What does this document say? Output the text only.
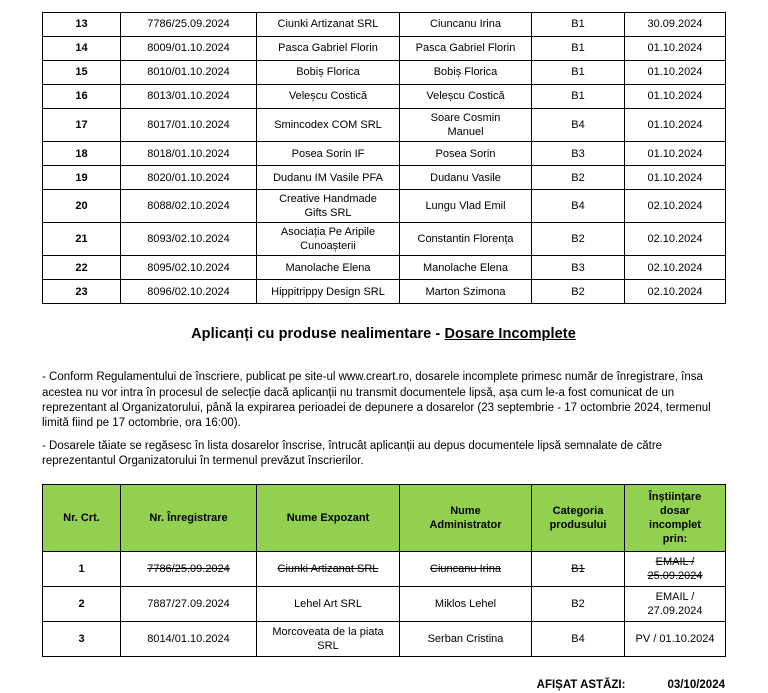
13	7786/25.09.2024	Ciunki Artizanat SRL	Ciuncanu Irina	B1	30.09.2024
14	8009/01.10.2024	Pasca Gabriel Florin	Pasca Gabriel Florin	B1	01.10.2024
15	8010/01.10.2024	Bobiș Florica	Bobiș Florica	B1	01.10.2024
16	8013/01.10.2024	Veleșcu Costică	Veleșcu Costică	B1	01.10.2024
17	8017/01.10.2024	Smincodex COM SRL	Soare Cosmin Manuel	B4	01.10.2024
18	8018/01.10.2024	Posea Sorin IF	Posea Sorin	B3	01.10.2024
19	8020/01.10.2024	Dudanu IM Vasile PFA	Dudanu Vasile	B2	01.10.2024
20	8088/02.10.2024	Creative Handmade Gifts SRL	Lungu Vlad Emil	B4	02.10.2024
21	8093/02.10.2024	Asociația Pe Aripile Cunoașterii	Constantin Florența	B2	02.10.2024
22	8095/02.10.2024	Manolache Elena	Manolache Elena	B3	02.10.2024
23	8096/02.10.2024	Hippitrippy Design SRL	Marton Szimona	B2	02.10.2024
Aplicanți cu produse nealimentare - Dosare Incomplete

- Conform Regulamentului de înscriere, publicat pe site-ul www.creart.ro, dosarele incomplete primesc număr de înregistrare, însa acestea nu vor intra în procesul de selecție dacă aplicanții nu transmit documentele lipsă, așa cum le-a fost comunicat de un reprezentant al Organizatorului, până la expirarea perioadei de depunere a dosarelor (23 septembrie - 17 octombrie 2024, termenul limită fiind pe 17 octombrie, ora 16:00).

- Dosarele tăiate se regăsesc în lista dosarelor înscrise, întrucât aplicanții au depus documentele lipsă semnalate de către reprezentantul Organizatorului în termenul prevăzut înscrierilor.

Nr. Crt.	Nr. Înregistrare	Nume Expozant	Nume Administrator	Categoria produsului	Înștiințare dosar incomplet prin:
1	7786/25.09.2024	Ciunki Artizanat SRL	Ciuncanu Irina	B1	EMAIL / 25.09.2024
2	7887/27.09.2024	Lehel Art SRL	Miklos Lehel	B2	EMAIL / 27.09.2024
3	8014/01.10.2024	Morcoveata de la piata SRL	Serban Cristina	B4	PV / 01.10.2024
AFIȘAT ASTĂZI:	03/10/2024
